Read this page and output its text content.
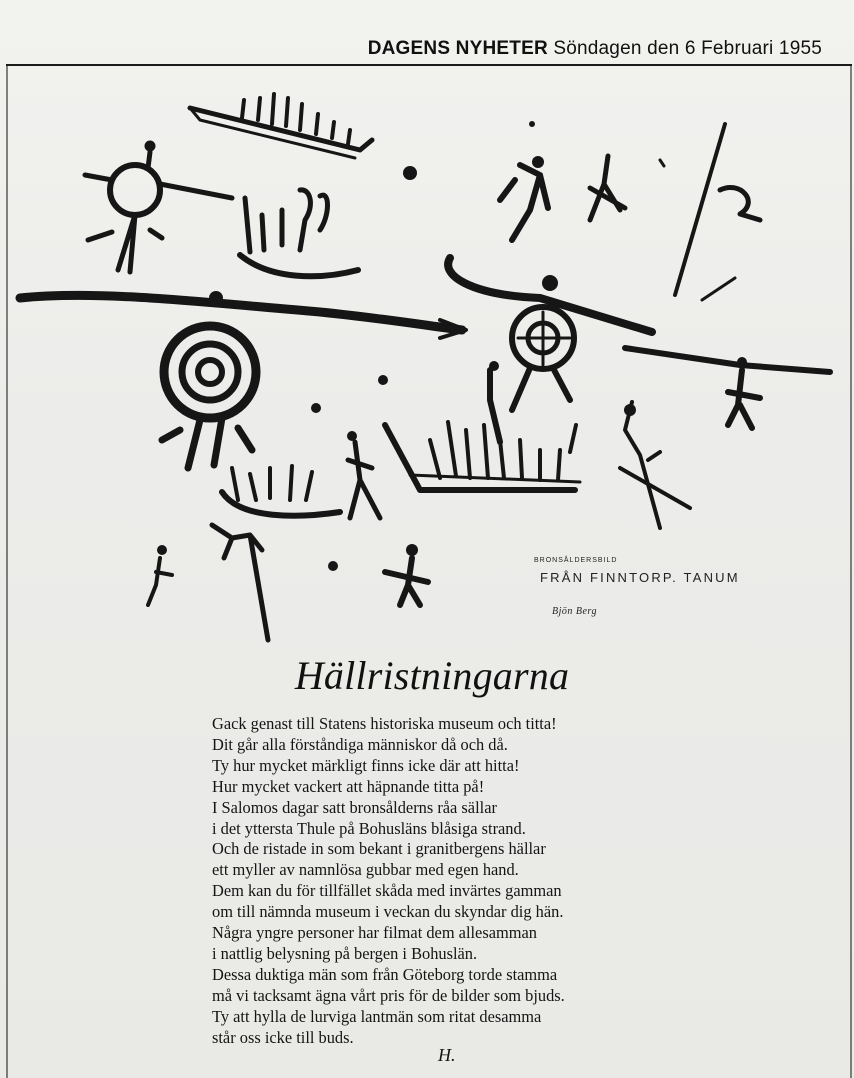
DAGENS NYHETER Söndagen den 6 Februari 1955
BRONSÅLDERSBILD
FRÅN FINNTORP. TANUM
Bjön Berg
Hällristningarna
Gack genast till Statens historiska museum och titta!
Dit går alla förståndiga människor då och då.
Ty hur mycket märkligt finns icke där att hitta!
Hur mycket vackert att häpnande titta på!
I Salomos dagar satt bronsålderns råa sällar
i det yttersta Thule på Bohusläns blåsiga strand.
Och de ristade in som bekant i granitbergens hällar
ett myller av namnlösa gubbar med egen hand.
Dem kan du för tillfället skåda med invärtes gamman
om till nämnda museum i veckan du skyndar dig hän.
Några yngre personer har filmat dem allesamman
i nattlig belysning på bergen i Bohuslän.
Dessa duktiga män som från Göteborg torde stamma
må vi tacksamt ägna vårt pris för de bilder som bjuds.
Ty att hylla de lurviga lantmän som ritat desamma
står oss icke till buds.
H.
